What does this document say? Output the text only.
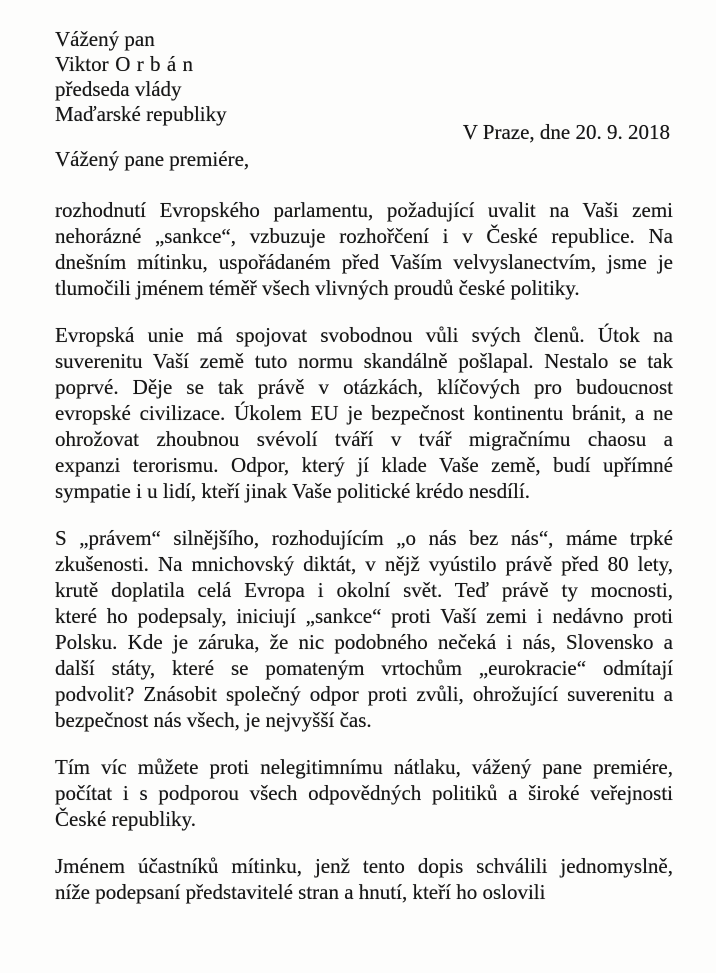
Vážený pan
Viktor Orbán
předseda vlády
Maďarské republiky
V Praze, dne 20. 9. 2018
Vážený pane premiére,
rozhodnutí Evropského parlamentu, požadující uvalit na Vaši zemi
nehorázné „sankce“, vzbuzuje rozhořčení i v České republice. Na
dnešním mítinku, uspořádaném před Vaším velvyslanectvím, jsme je
tlumočili jménem téměř všech vlivných proudů české politiky.
Evropská unie má spojovat svobodnou vůli svých členů. Útok na
suverenitu Vaší země tuto normu skandálně pošlapal. Nestalo se tak
poprvé. Děje se tak právě v otázkách, klíčových pro budoucnost
evropské civilizace. Úkolem EU je bezpečnost kontinentu bránit, a ne
ohrožovat zhoubnou svévolí tváří v tvář migračnímu chaosu a
expanzi terorismu. Odpor, který jí klade Vaše země, budí upřímné
sympatie i u lidí, kteří jinak Vaše politické krédo nesdílí.
S „právem“ silnějšího, rozhodujícím „o nás bez nás“, máme trpké
zkušenosti. Na mnichovský diktát, v nějž vyústilo právě před 80 lety,
krutě doplatila celá Evropa i okolní svět. Teď právě ty mocnosti,
které ho podepsaly, iniciují „sankce“ proti Vaší zemi i nedávno proti
Polsku. Kde je záruka, že nic podobného nečeká i nás, Slovensko a
další státy, které se pomateným vrtochům „eurokracie“ odmítají
podvolit? Znásobit společný odpor proti zvůli, ohrožující suverenitu a
bezpečnost nás všech, je nejvyšší čas.
Tím víc můžete proti nelegitimnímu nátlaku, vážený pane premiére,
počítat i s podporou všech odpovědných politiků a široké veřejnosti
České republiky.
Jménem účastníků mítinku, jenž tento dopis schválili jednomyslně,
níže podepsaní představitelé stran a hnutí, kteří ho oslovili
